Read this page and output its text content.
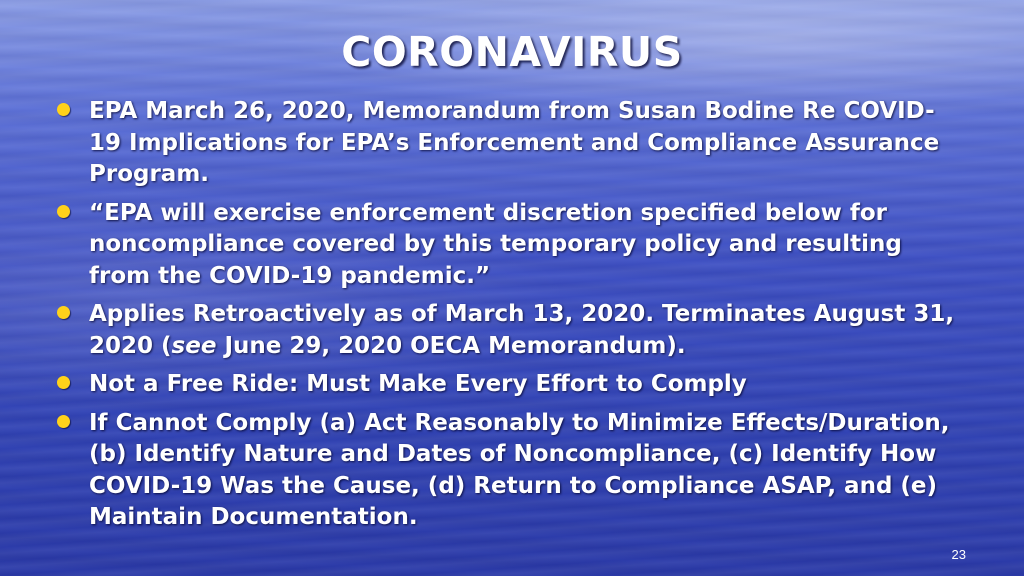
CORONAVIRUS
EPA March 26, 2020, Memorandum from Susan Bodine Re COVID-19 Implications for EPA’s Enforcement and Compliance Assurance Program.
“EPA will exercise enforcement discretion specified below for noncompliance covered by this temporary policy and resulting from the COVID-19 pandemic.”
Applies Retroactively as of March 13, 2020. Terminates August 31, 2020 (see June 29, 2020 OECA Memorandum).
Not a Free Ride: Must Make Every Effort to Comply
If Cannot Comply (a) Act Reasonably to Minimize Effects/Duration, (b) Identify Nature and Dates of Noncompliance, (c) Identify How COVID-19 Was the Cause, (d) Return to Compliance ASAP, and (e) Maintain Documentation.
23
